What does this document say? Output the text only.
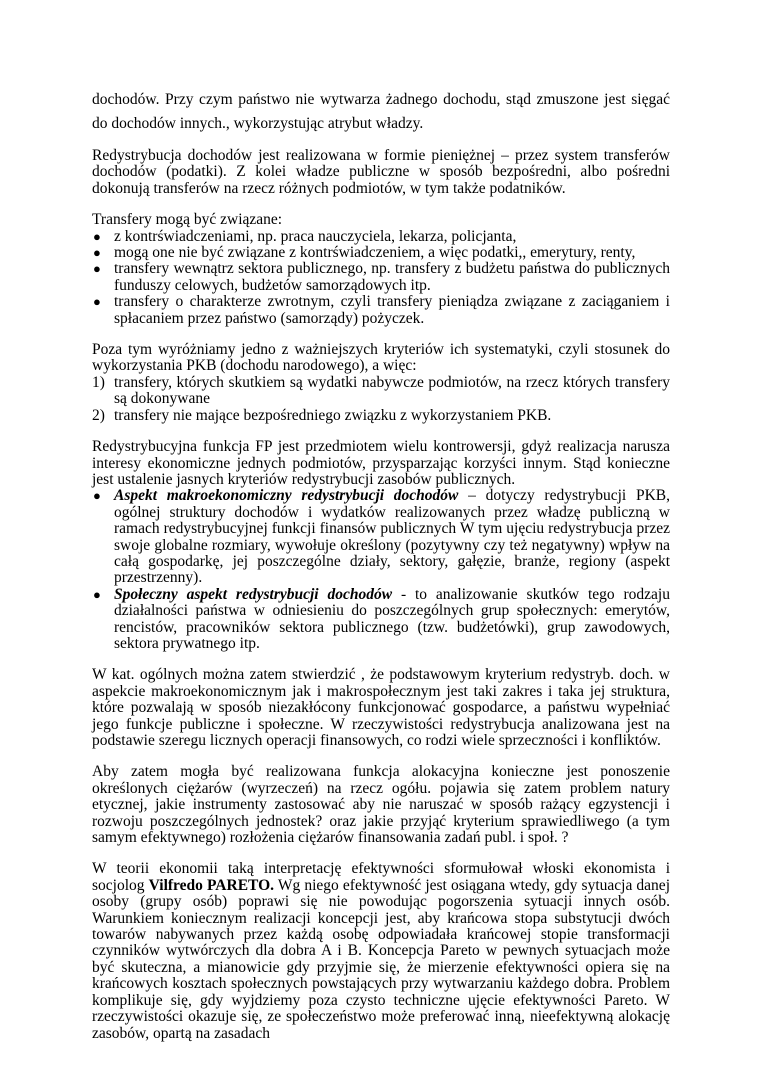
dochodów. Przy czym państwo nie wytwarza żadnego dochodu, stąd zmuszone jest sięgać do dochodów innych., wykorzystując atrybut władzy.

Redystrybucja dochodów jest realizowana w formie pieniężnej – przez system transferów dochodów (podatki). Z kolei władze publiczne w sposób bezpośredni, albo pośredni dokonują transferów na rzecz różnych podmiotów, w tym także podatników.

Transfery mogą być związane:

● z kontrświadczeniami, np. praca nauczyciela, lekarza, policjanta,
● mogą one nie być związane z kontrświadczeniem, a więc podatki,, emerytury, renty,
● transfery wewnątrz sektora publicznego, np. transfery z budżetu państwa do publicznych funduszy celowych, budżetów samorządowych itp.
● transfery o charakterze zwrotnym, czyli transfery pieniądza związane z zaciąganiem i spłacaniem przez państwo (samorządy) pożyczek.

Poza tym wyróżniamy jedno z ważniejszych kryteriów ich systematyki, czyli stosunek do wykorzystania PKB (dochodu narodowego), a więc:

1) transfery, których skutkiem są wydatki nabywcze podmiotów, na rzecz których transfery są dokonywane
2) transfery nie mające bezpośredniego związku z wykorzystaniem PKB.

Redystrybucyjna funkcja FP jest przedmiotem wielu kontrowersji, gdyż realizacja narusza interesy ekonomiczne jednych podmiotów, przysparzając korzyści innym. Stąd konieczne jest ustalenie jasnych kryteriów redystrybucji zasobów publicznych.

● Aspekt makroekonomiczny redystrybucji dochodów – dotyczy redystrybucji PKB, ogólnej struktury dochodów i wydatków realizowanych przez władzę publiczną w ramach redystrybucyjnej funkcji finansów publicznych W tym ujęciu redystrybucja przez swoje globalne rozmiary, wywołuje określony (pozytywny czy też negatywny) wpływ na całą gospodarkę, jej poszczególne działy, sektory, gałęzie, branże, regiony (aspekt przestrzenny).
● Społeczny aspekt redystrybucji dochodów - to analizowanie skutków tego rodzaju działalności państwa w odniesieniu do poszczególnych grup społecznych: emerytów, rencistów, pracowników sektora publicznego (tzw. budżetówki), grup zawodowych, sektora prywatnego itp.

W kat. ogólnych można zatem stwierdzić , że podstawowym kryterium redystryb. doch. w aspekcie makroekonomicznym jak i makrospołecznym jest taki zakres i taka jej struktura, które pozwalają w sposób niezakłócony funkcjonować gospodarce, a państwu wypełniać jego funkcje publiczne i społeczne. W rzeczywistości redystrybucja analizowana jest na podstawie szeregu licznych operacji finansowych, co rodzi wiele sprzeczności i konfliktów.

Aby zatem mogła być realizowana funkcja alokacyjna konieczne jest ponoszenie określonych ciężarów (wyrzeczeń) na rzecz ogółu. pojawia się zatem problem natury etycznej, jakie instrumenty zastosować aby nie naruszać w sposób rażący egzystencji i rozwoju poszczególnych jednostek? oraz jakie przyjąć kryterium sprawiedliwego (a tym samym efektywnego) rozłożenia ciężarów finansowania zadań publ. i społ. ?

W teorii ekonomii taką interpretację efektywności sformułował włoski ekonomista i socjolog Vilfredo PARETO. Wg niego efektywność jest osiągana wtedy, gdy sytuacja danej osoby (grupy osób) poprawi się nie powodując pogorszenia sytuacji innych osób. Warunkiem koniecznym realizacji koncepcji jest, aby krańcowa stopa substytucji dwóch towarów nabywanych przez każdą osobę odpowiadała krańcowej stopie transformacji czynników wytwórczych dla dobra A i B. Koncepcja Pareto w pewnych sytuacjach może być skuteczna, a mianowicie gdy przyjmie się, że mierzenie efektywności opiera się na krańcowych kosztach społecznych powstających przy wytwarzaniu każdego dobra. Problem komplikuje się, gdy wyjdziemy poza czysto techniczne ujęcie efektywności Pareto. W rzeczywistości okazuje się, ze społeczeństwo może preferować inną, nieefektywną alokację zasobów, opartą na zasadach
